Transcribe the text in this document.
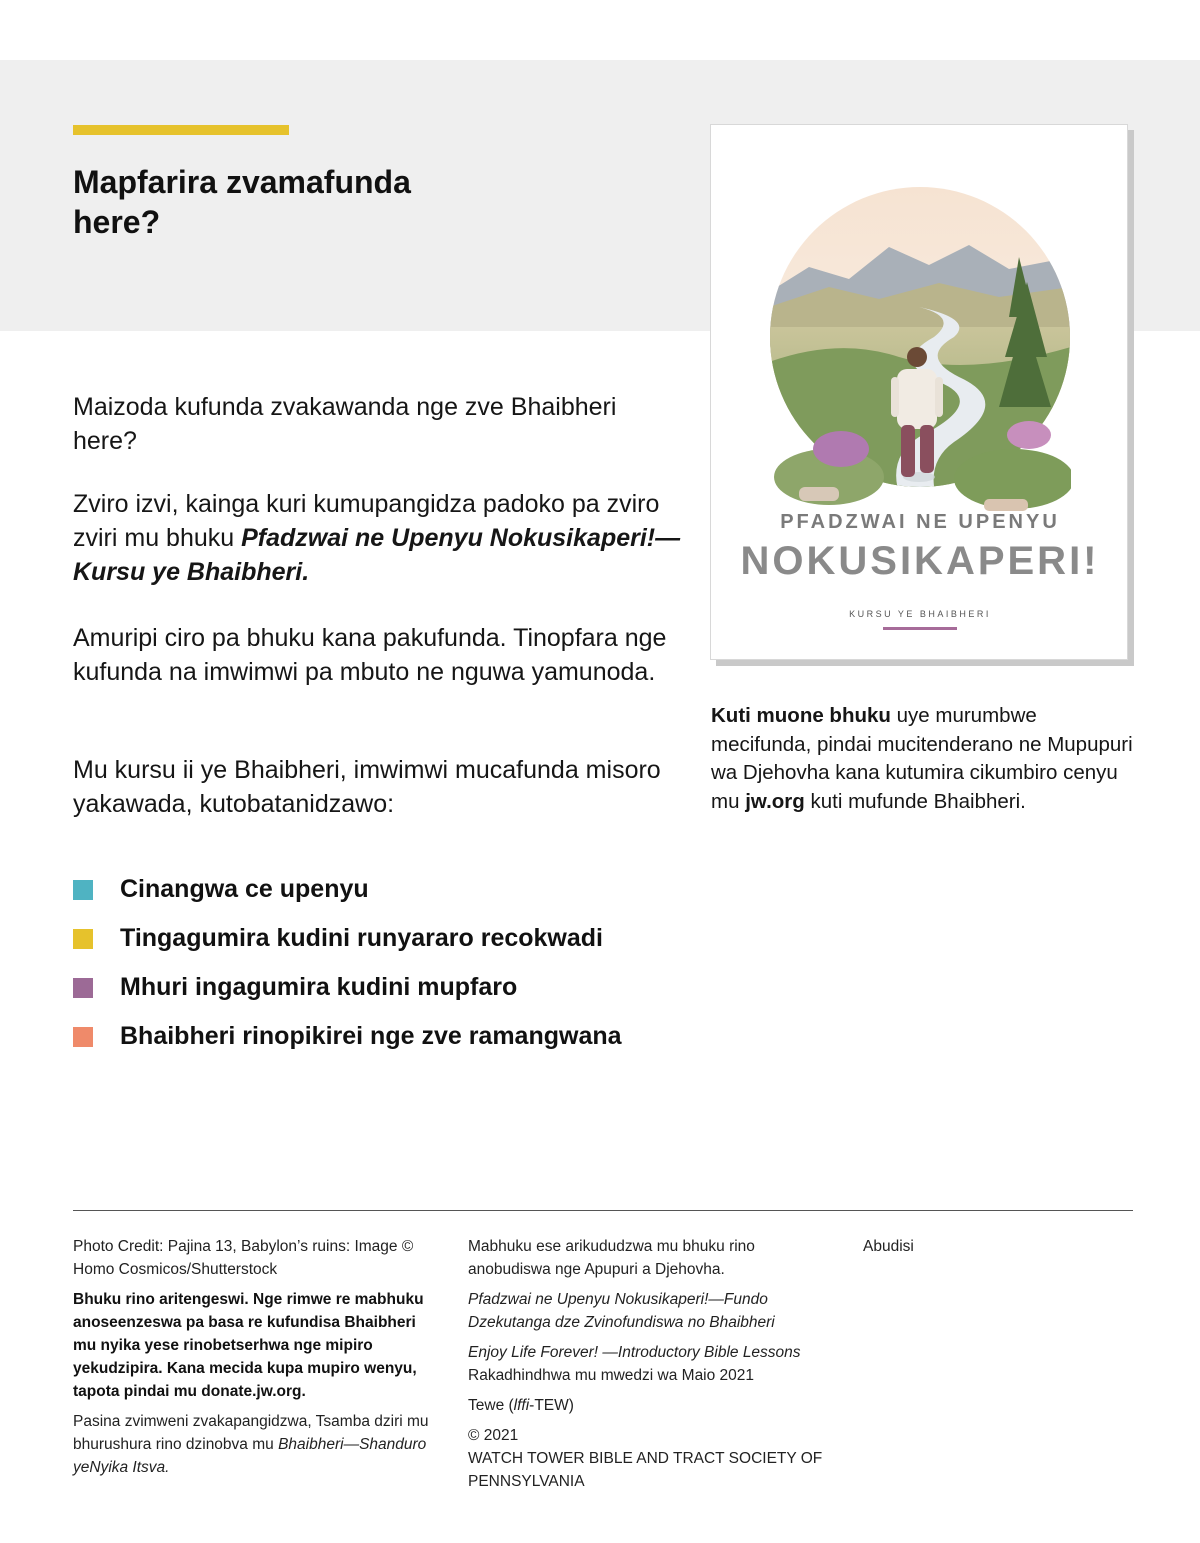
Mapfarira zvamafunda
here?
Maizoda kufunda zvakawanda nge zve Bhaibheri here?
Zviro izvi, kainga kuri kumupangidza padoko pa zviro zviri mu bhuku Pfadzwai ne Upenyu Nokusikaperi!—Kursu ye Bhaibheri.
Amuripi ciro pa bhuku kana pakufunda. Tinopfara nge kufunda na imwimwi pa mbuto ne nguwa yamunoda.
Mu kursu ii ye Bhaibheri, imwimwi mucafunda misoro yakawada, kutobatanidzawo:
Cinangwa ce upenyu
Tingagumira kudini runyararo recokwadi
Mhuri ingagumira kudini mupfaro
Bhaibheri rinopikirei nge zve ramangwana
PFADZWAI NE UPENYU
NOKUSIKAPERI!
KURSU YE BHAIBHERI
Kuti muone bhuku uye murumbwe mecifunda, pindai mucitenderano ne Mupupuri wa Djehovha kana kutumira cikumbiro cenyu mu jw.org kuti mufunde Bhaibheri.

Photo Credit: Pajina 13, Babylon’s ruins: Image © Homo Cosmicos/Shutterstock

Bhuku rino aritengeswi. Nge rimwe re mabhuku anoseenzeswa pa basa re kufundisa Bhaibheri mu nyika yese rinobetserhwa nge mipiro yekudzipira. Kana mecida kupa mupiro wenyu, tapota pindai mu donate.jw.org.

Pasina zvimweni zvakapangidzwa, Tsamba dziri mu bhurushura rino dzinobva mu Bhaibheri—Shanduro yeNyika Itsva.

Mabhuku ese arikududzwa mu bhuku rino anobudiswa nge Apupuri a Djehovha.

Pfadzwai ne Upenyu Nokusikaperi!—Fundo Dzekutanga dze Zvinofundiswa no Bhaibheri

Enjoy Life Forever! —Introductory Bible Lessons
Rakadhindhwa mu mwedzi wa Maio 2021

Tewe (lffi-TEW)

© 2021
WATCH TOWER BIBLE AND TRACT SOCIETY OF PENNSYLVANIA

Abudisi
